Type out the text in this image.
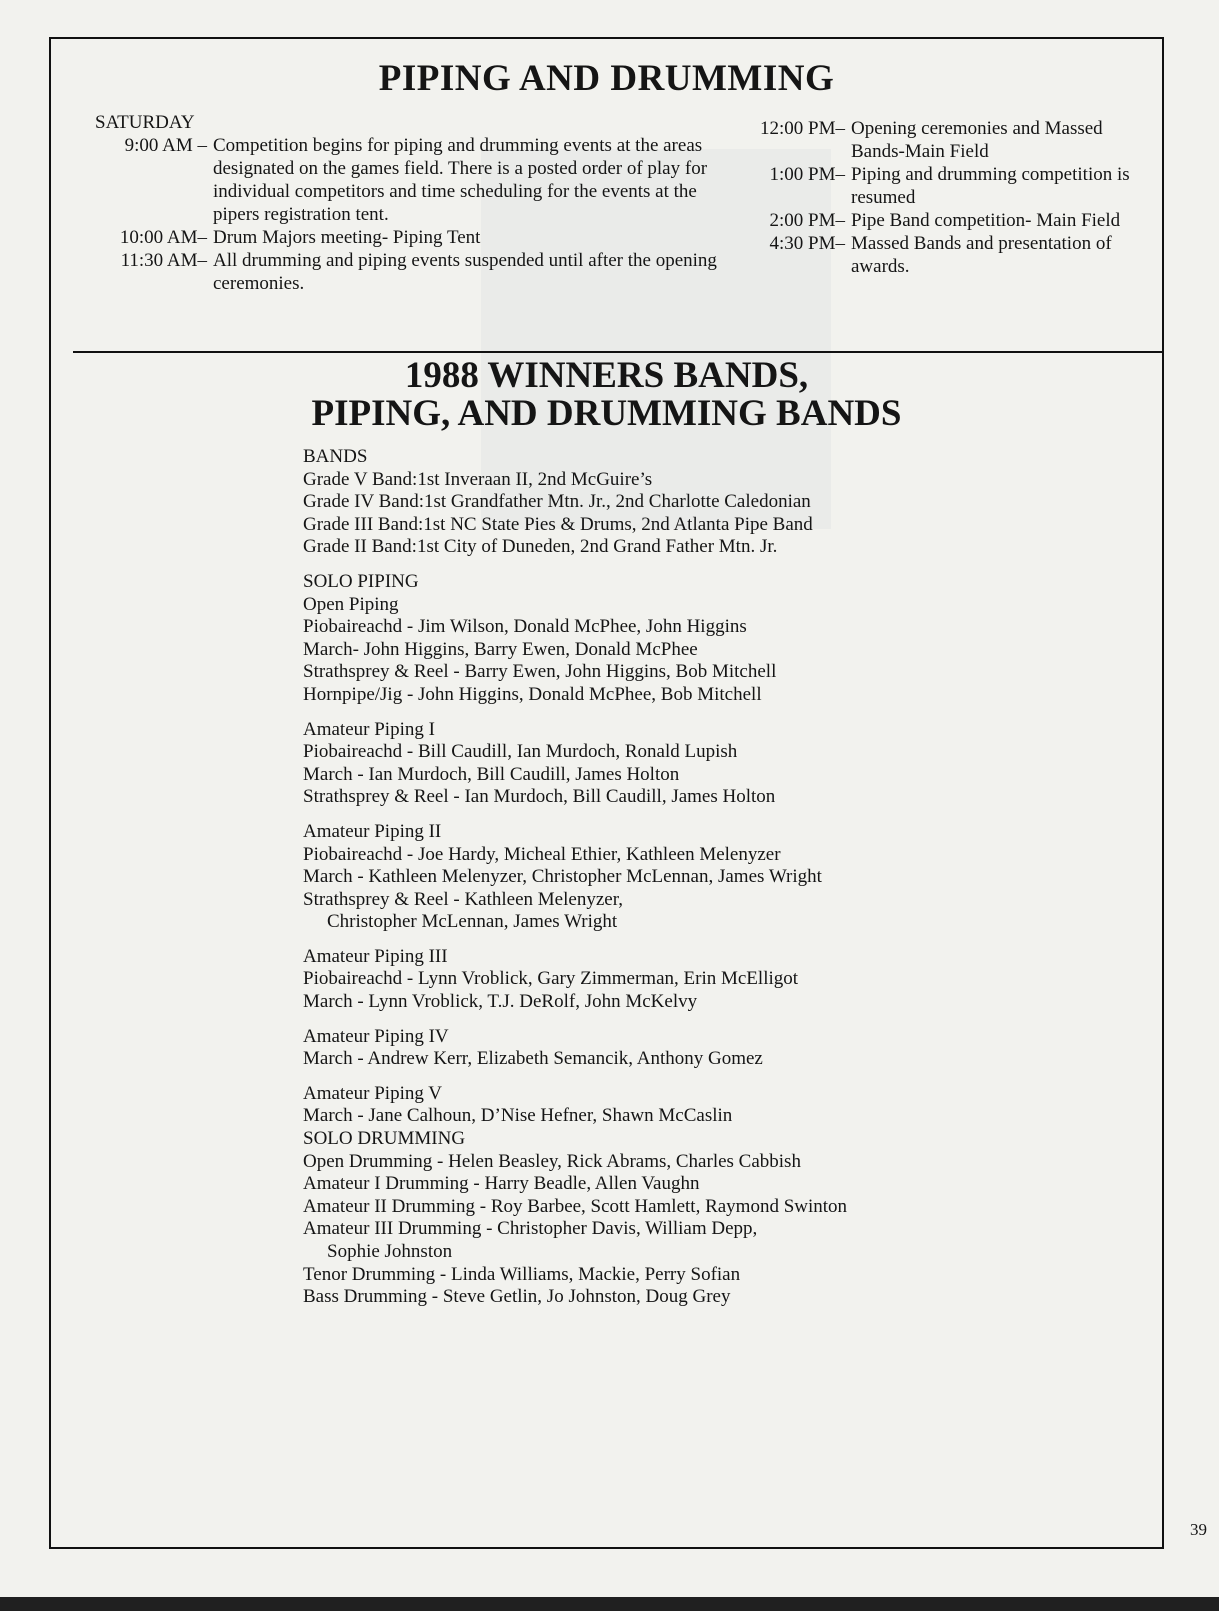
PIPING AND DRUMMING
SATURDAY
9:00 AM – Competition begins for piping and drumming events at the areas designated on the games field. There is a posted order of play for individual competitors and time scheduling for the events at the pipers registration tent.
10:00 AM– Drum Majors meeting- Piping Tent
11:30 AM– All drumming and piping events suspended until after the opening ceremonies.
12:00 PM– Opening ceremonies and Massed Bands-Main Field
1:00 PM– Piping and drumming competition is resumed
2:00 PM– Pipe Band competition- Main Field
4:30 PM– Massed Bands and presentation of awards.
1988 WINNERS BANDS,
PIPING, AND DRUMMING BANDS
BANDS
Grade V Band:1st Inveraan II, 2nd McGuire’s
Grade IV Band:1st Grandfather Mtn. Jr., 2nd Charlotte Caledonian
Grade III Band:1st NC State Pies & Drums, 2nd Atlanta Pipe Band
Grade II Band:1st City of Duneden, 2nd Grand Father Mtn. Jr.
SOLO PIPING
Open Piping
Piobaireachd - Jim Wilson, Donald McPhee, John Higgins
March- John Higgins, Barry Ewen, Donald McPhee
Strathsprey & Reel - Barry Ewen, John Higgins, Bob Mitchell
Hornpipe/Jig - John Higgins, Donald McPhee, Bob Mitchell
Amateur Piping I
Piobaireachd - Bill Caudill, Ian Murdoch, Ronald Lupish
March - Ian Murdoch, Bill Caudill, James Holton
Strathsprey & Reel - Ian Murdoch, Bill Caudill, James Holton
Amateur Piping II
Piobaireachd - Joe Hardy, Micheal Ethier, Kathleen Melenyzer
March - Kathleen Melenyzer, Christopher McLennan, James Wright
Strathsprey & Reel - Kathleen Melenyzer,
Christopher McLennan, James Wright
Amateur Piping III
Piobaireachd - Lynn Vroblick, Gary Zimmerman, Erin McElligot
March - Lynn Vroblick, T.J. DeRolf, John McKelvy
Amateur Piping IV
March - Andrew Kerr, Elizabeth Semancik, Anthony Gomez
Amateur Piping V
March - Jane Calhoun, D’Nise Hefner, Shawn McCaslin
SOLO DRUMMING
Open Drumming - Helen Beasley, Rick Abrams, Charles Cabbish
Amateur I Drumming - Harry Beadle, Allen Vaughn
Amateur II Drumming - Roy Barbee, Scott Hamlett, Raymond Swinton
Amateur III Drumming - Christopher Davis, William Depp,
Sophie Johnston
Tenor Drumming - Linda Williams, Mackie, Perry Sofian
Bass Drumming - Steve Getlin, Jo Johnston, Doug Grey
39
